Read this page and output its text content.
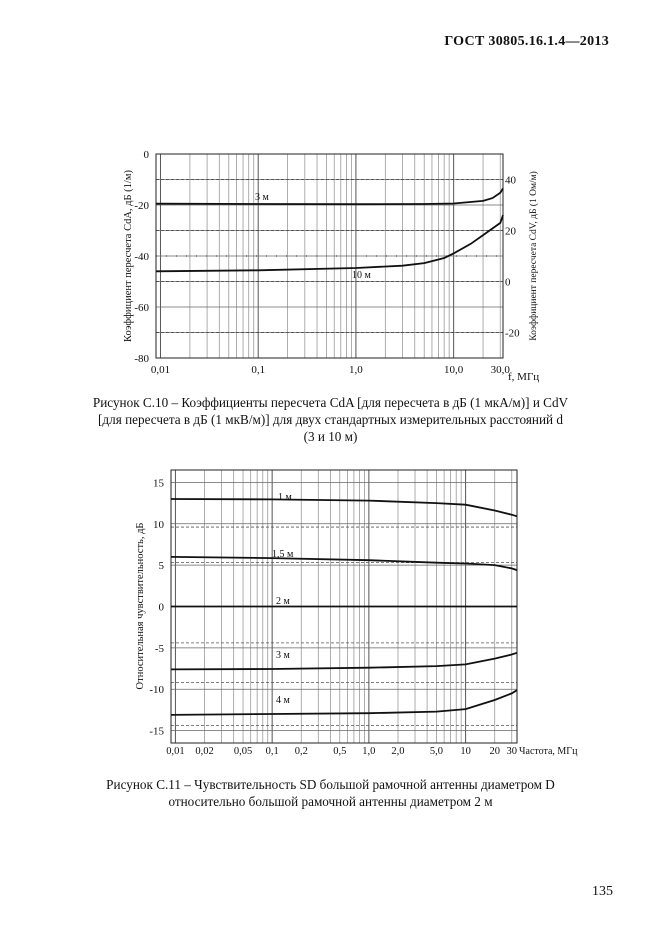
ГОСТ 30805.16.1.4—2013
0,01	0,1	1,0	10,0 30,0
f, МГц
0
-20
-40
-60
-80
40
20
0
-20
3 м
10 м
Коэффициент пересчета CdA, дБ (1/м)	Коэффициент пересчета CdV, дБ (1 Ом/м)
1 м
1,5 м
2 м
3 м
4 м
0,01 0,02 0,05 0,1 0,2 0,5 1,0 2,0 5,0 10 20 30 Частота, МГц
15
10
5
0
-5
-10
-15
Относительная чувствительность, дБ
Рисунок С.10 – Коэффициенты пересчета CdA [для пересчета в дБ (1 мкА/м)] и CdV
[для пересчета в дБ (1 мкВ/м)] для двух стандартных измерительных расстояний d
(3 и 10 м)
Рисунок С.11 – Чувствительность SD большой рамочной антенны диаметром D
относительно большой рамочной антенны диаметром 2 м
135
